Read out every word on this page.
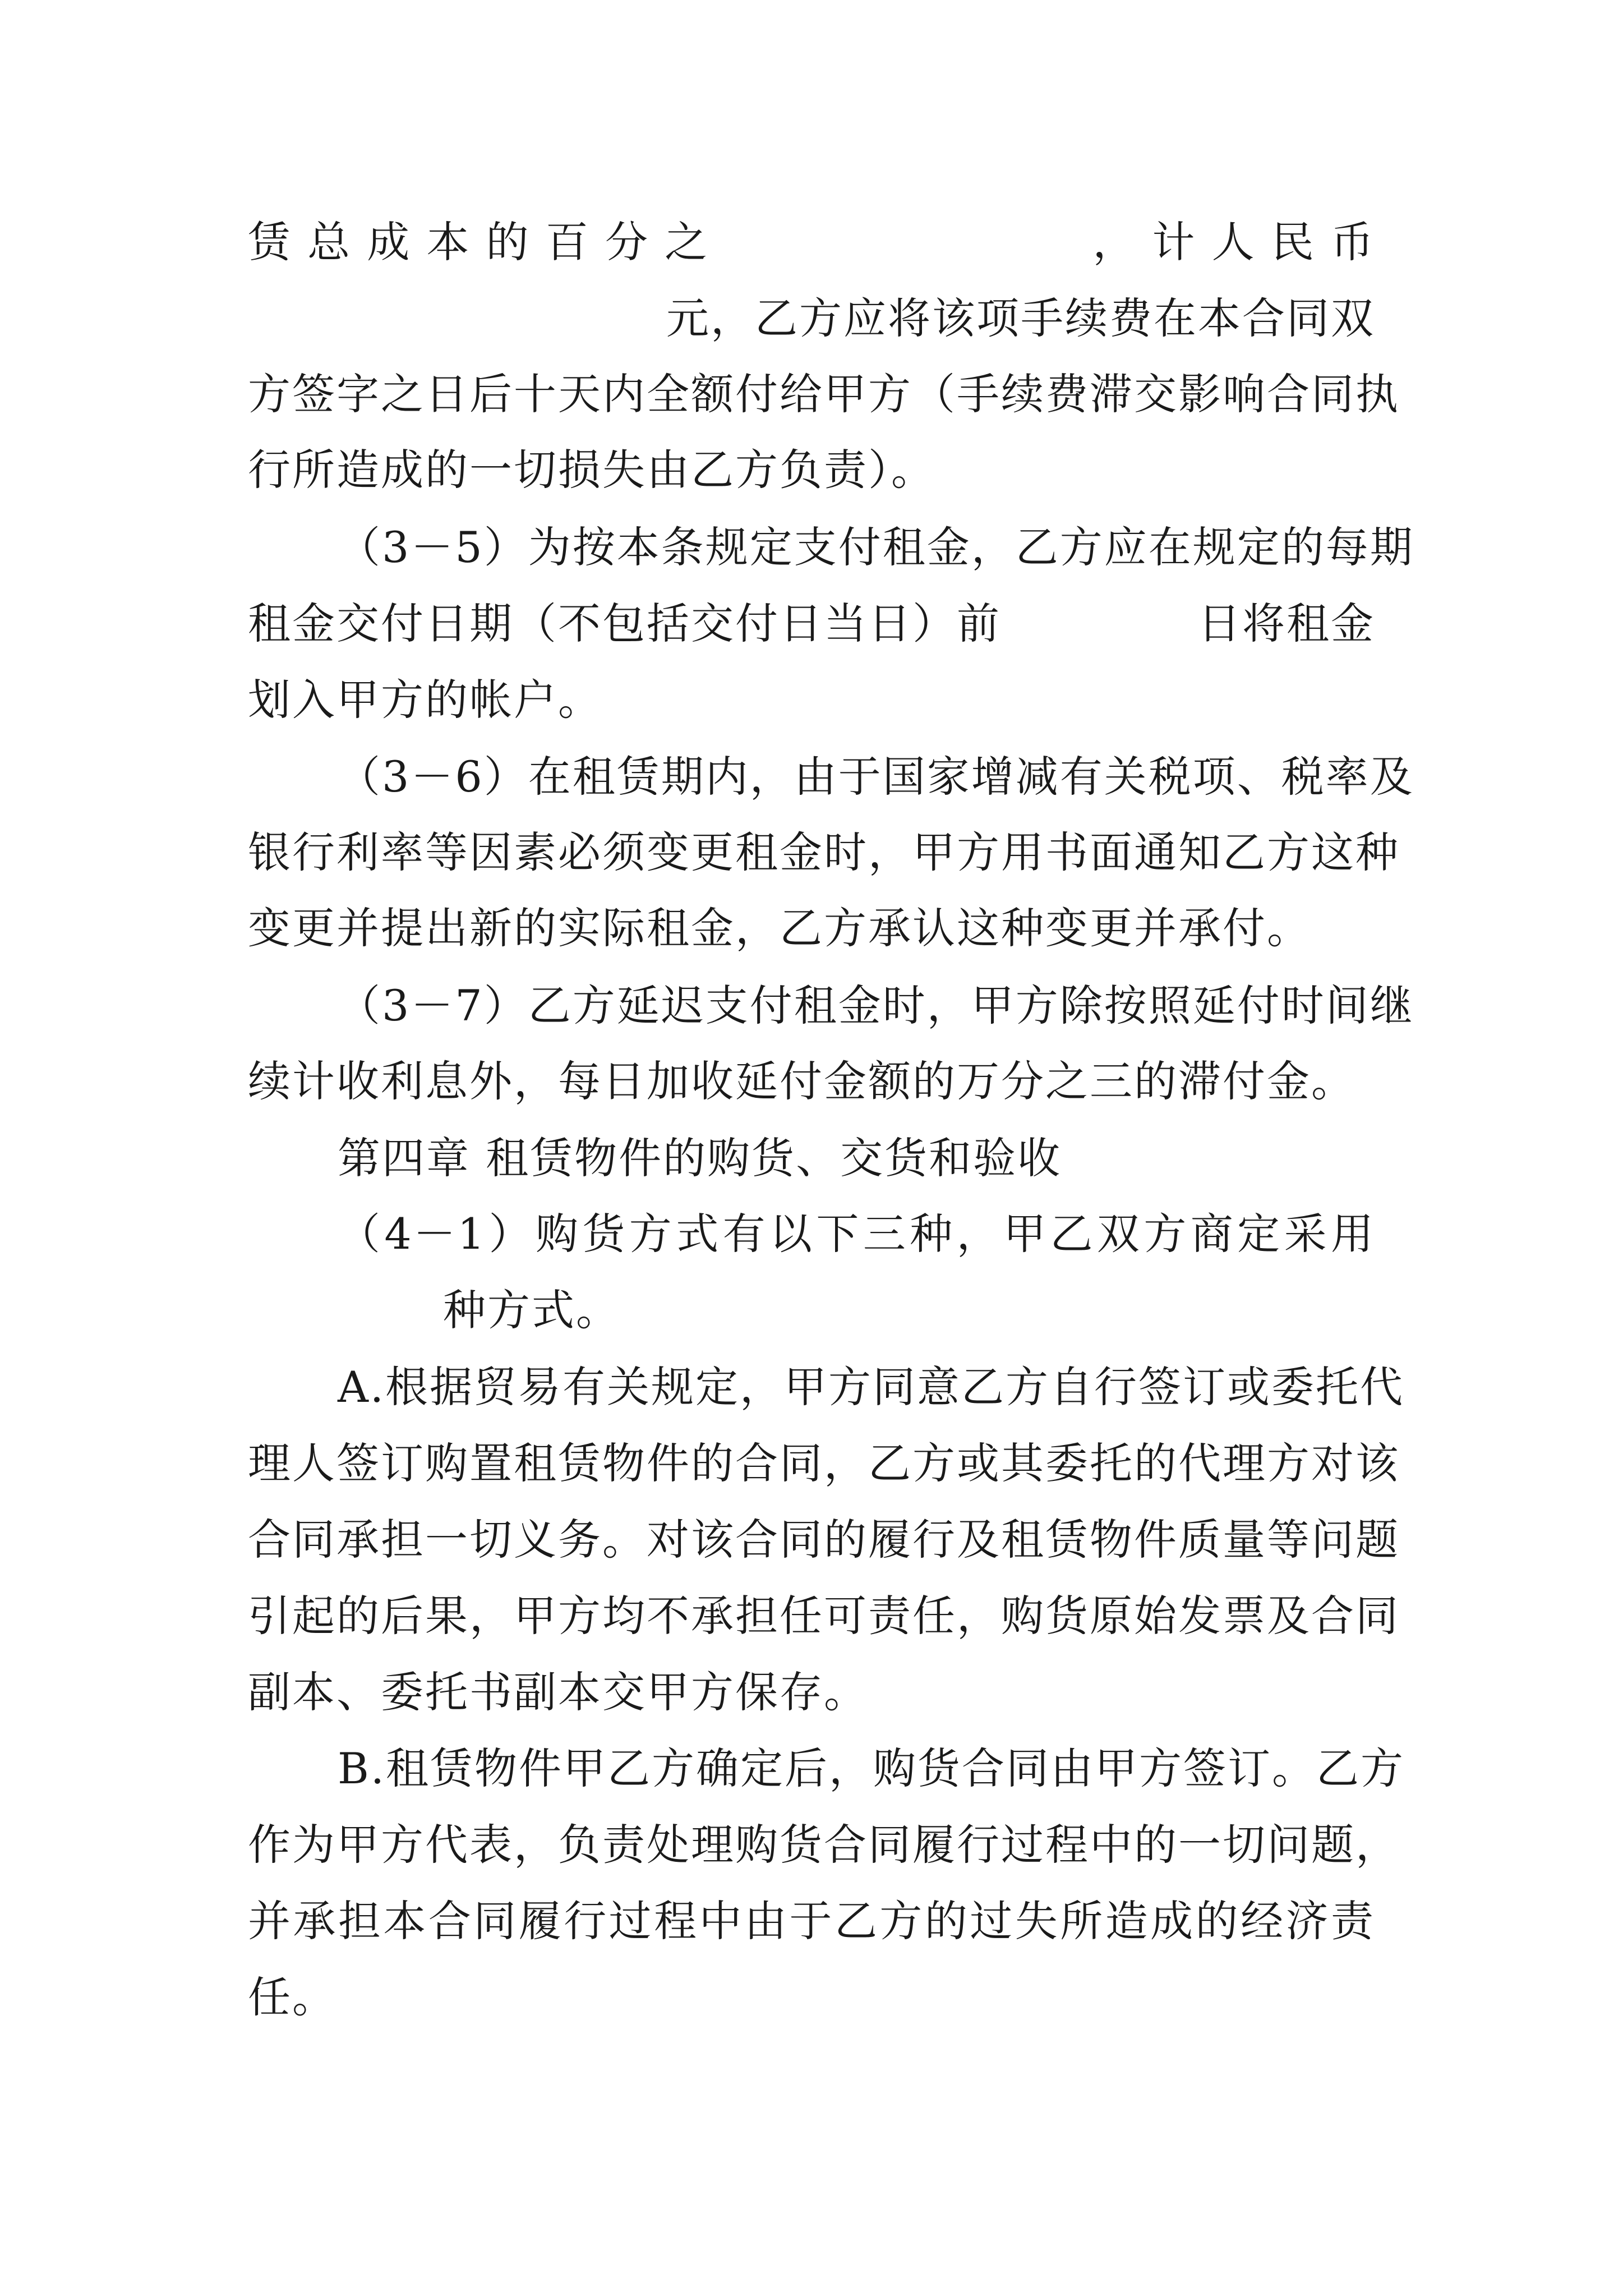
赁 总 成 本 的 百 分 之	， 计 人 民 币
元，乙方应将该项手续费在本合同双
方签字之日后十天内全额付给甲方（手续费滞交影响合同执
行所造成的一切损失由乙方负责）。
（3－5）为按本条规定支付租金，乙方应在规定的每期
租金交付日期（不包括交付日当日）前	日将租金
划入甲方的帐户。
（3－6）在租赁期内，由于国家增减有关税项、税率及
银行利率等因素必须变更租金时，甲方用书面通知乙方这种
变更并提出新的实际租金，乙方承认这种变更并承付。
（3－7）乙方延迟支付租金时，甲方除按照延付时间继
续计收利息外，每日加收延付金额的万分之三的滞付金。
第四章 租赁物件的购货、交货和验收
（4－1）购货方式有以下三种，甲乙双方商定采用
种方式。
A.根据贸易有关规定，甲方同意乙方自行签订或委托代
理人签订购置租赁物件的合同，乙方或其委托的代理方对该
合同承担一切义务。对该合同的履行及租赁物件质量等问题
引起的后果，甲方均不承担任可责任，购货原始发票及合同
副本、委托书副本交甲方保存。
B.租赁物件甲乙方确定后，购货合同由甲方签订。乙方
作为甲方代表，负责处理购货合同履行过程中的一切问题，
并承担本合同履行过程中由于乙方的过失所造成的经济责
任。
